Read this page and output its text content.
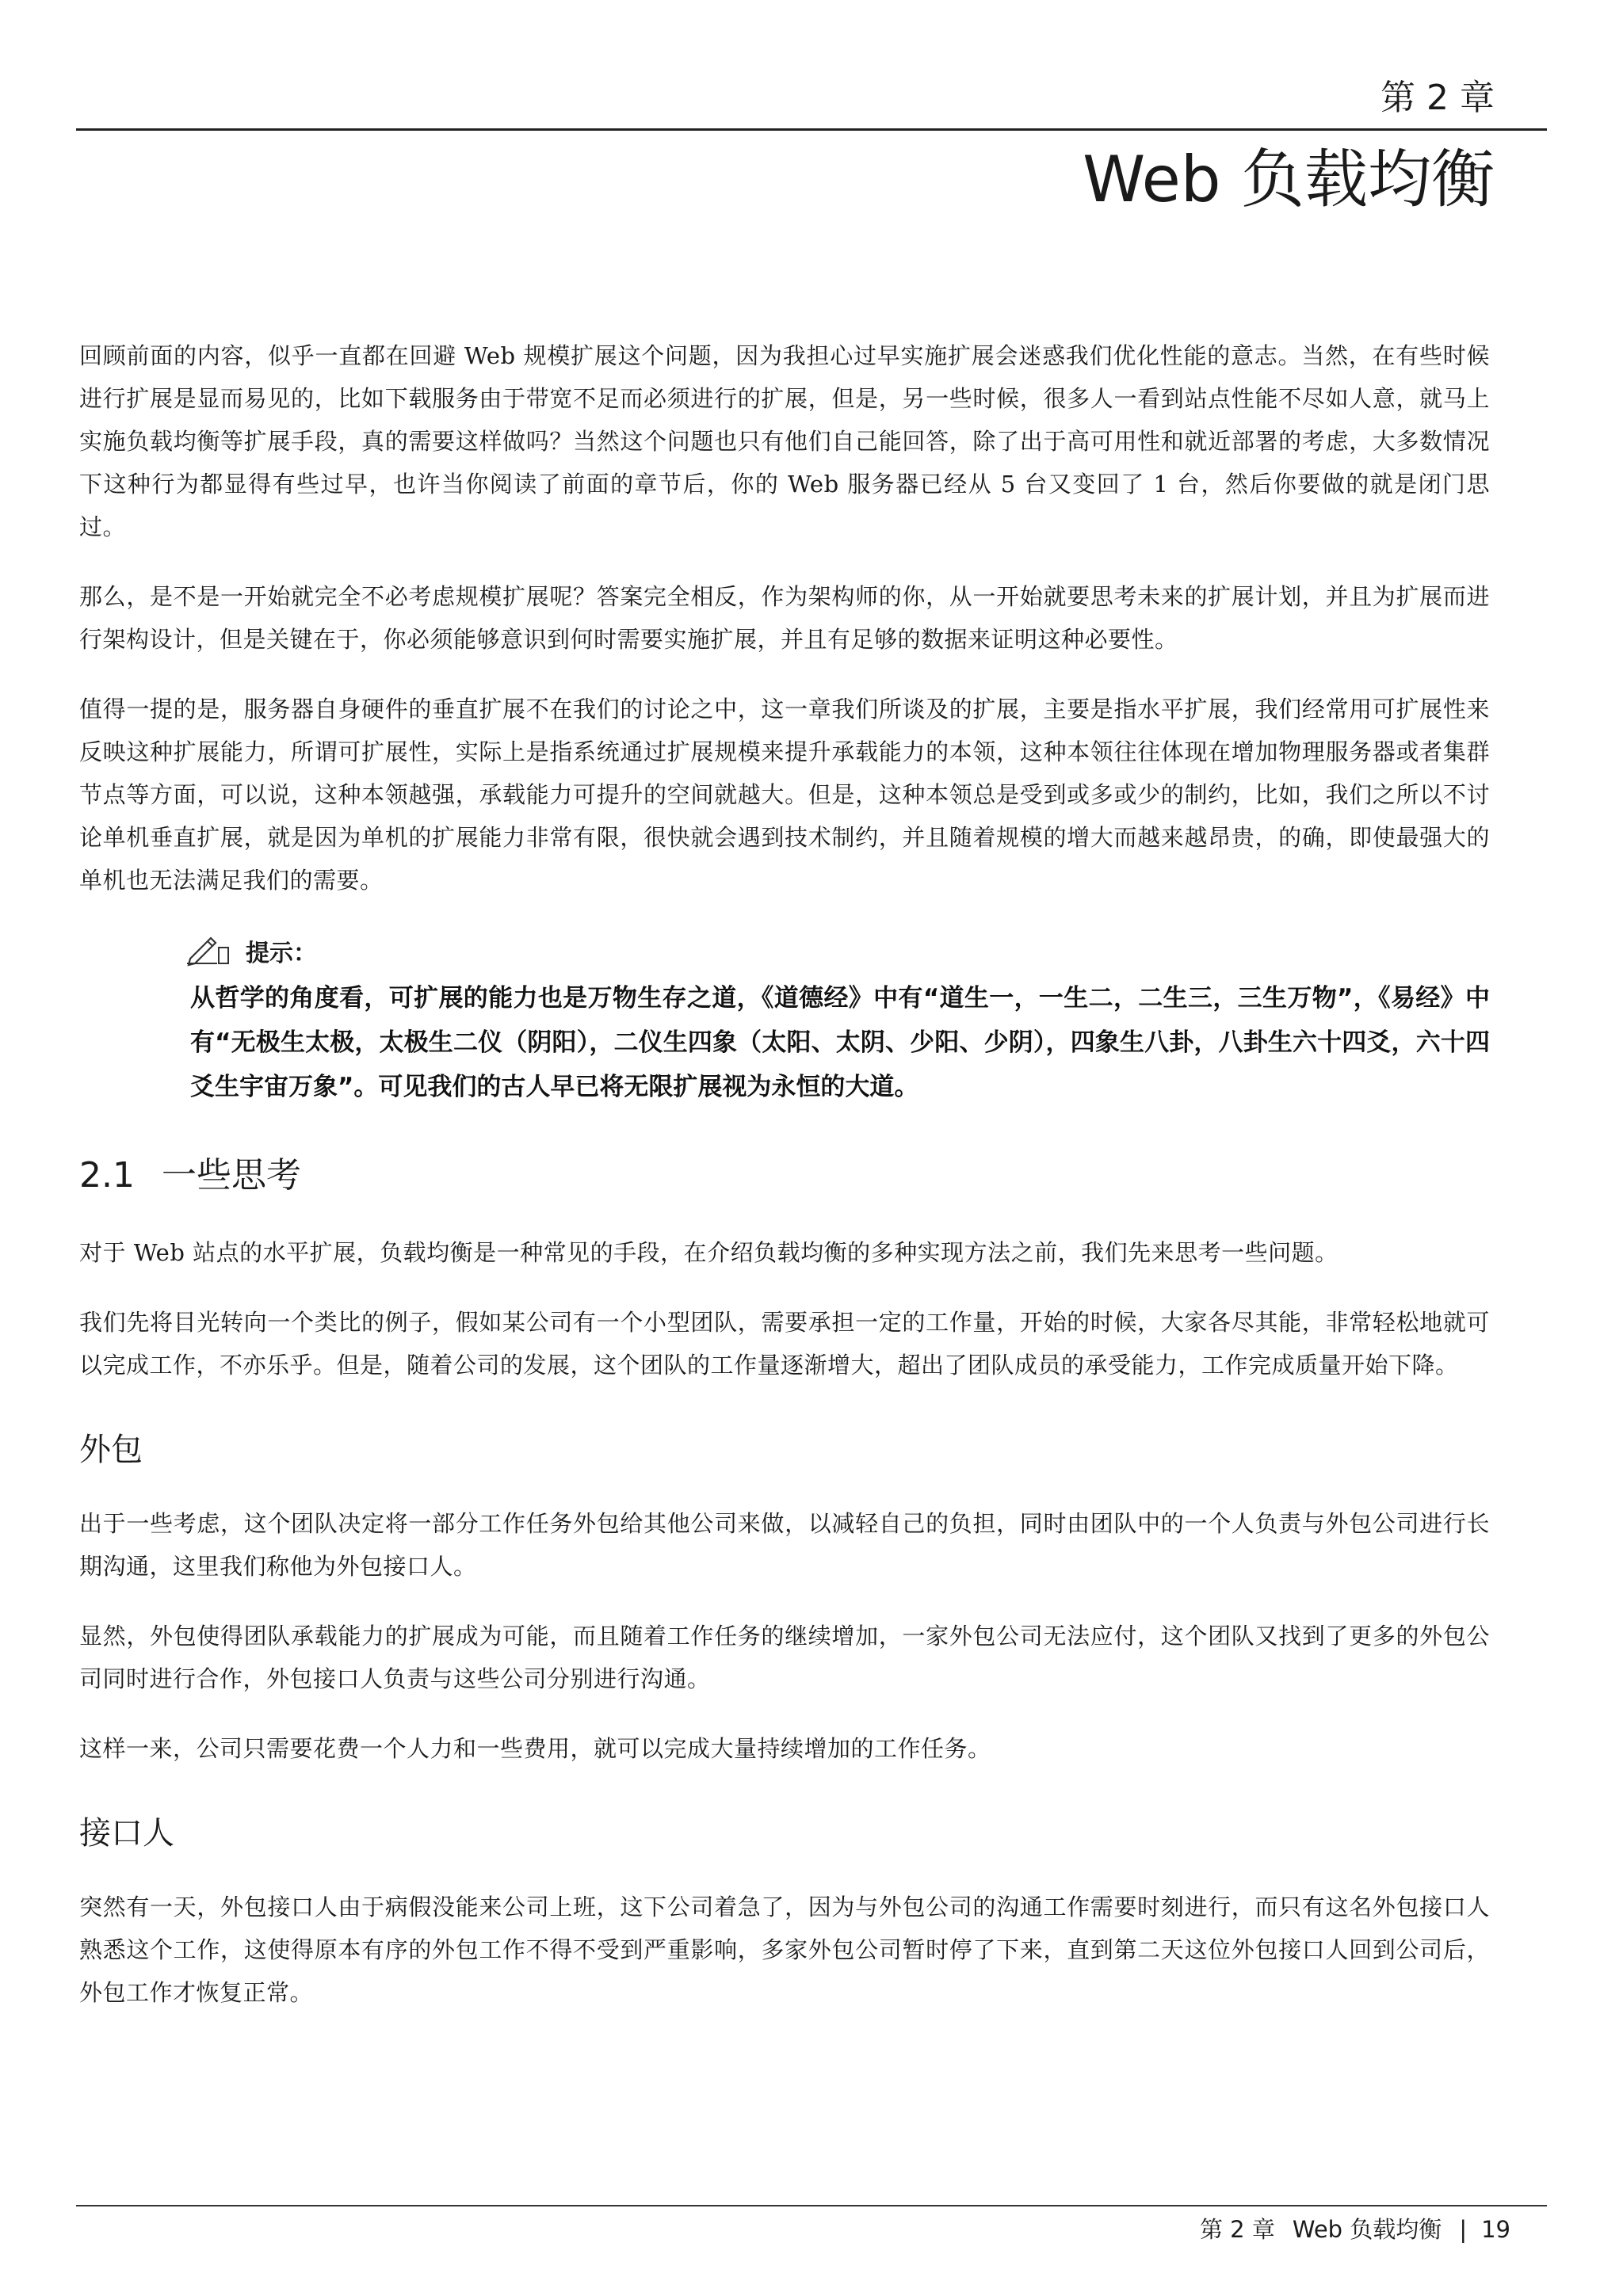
第 2 章
Web 负载均衡

回顾前面的内容，似乎一直都在回避 Web 规模扩展这个问题，因为我担心过早实施扩展会迷惑我们优化性能的意志。当然，在有些时候进行扩展是显而易见的，比如下载服务由于带宽不足而必须进行的扩展，但是，另一些时候，很多人一看到站点性能不尽如人意，就马上实施负载均衡等扩展手段，真的需要这样做吗？当然这个问题也只有他们自己能回答，除了出于高可用性和就近部署的考虑，大多数情况下这种行为都显得有些过早，也许当你阅读了前面的章节后，你的 Web 服务器已经从 5 台又变回了 1 台，然后你要做的就是闭门思过。

那么，是不是一开始就完全不必考虑规模扩展呢？答案完全相反，作为架构师的你，从一开始就要思考未来的扩展计划，并且为扩展而进行架构设计，但是关键在于，你必须能够意识到何时需要实施扩展，并且有足够的数据来证明这种必要性。

值得一提的是，服务器自身硬件的垂直扩展不在我们的讨论之中，这一章我们所谈及的扩展，主要是指水平扩展，我们经常用可扩展性来反映这种扩展能力，所谓可扩展性，实际上是指系统通过扩展规模来提升承载能力的本领，这种本领往往体现在增加物理服务器或者集群节点等方面，可以说，这种本领越强，承载能力可提升的空间就越大。但是，这种本领总是受到或多或少的制约，比如，我们之所以不讨论单机垂直扩展，就是因为单机的扩展能力非常有限，很快就会遇到技术制约，并且随着规模的增大而越来越昂贵，的确，即使最强大的单机也无法满足我们的需要。

提示：

从哲学的角度看，可扩展的能力也是万物生存之道，《道德经》中有“道生一，一生二，二生三，三生万物”，《易经》中有“无极生太极，太极生二仪（阴阳），二仪生四象（太阳、太阴、少阳、少阴），四象生八卦，八卦生六十四爻，六十四爻生宇宙万象”。可见我们的古人早已将无限扩展视为永恒的大道。

2.1 一些思考

对于 Web 站点的水平扩展，负载均衡是一种常见的手段，在介绍负载均衡的多种实现方法之前，我们先来思考一些问题。

我们先将目光转向一个类比的例子，假如某公司有一个小型团队，需要承担一定的工作量，开始的时候，大家各尽其能，非常轻松地就可以完成工作，不亦乐乎。但是，随着公司的发展，这个团队的工作量逐渐增大，超出了团队成员的承受能力，工作完成质量开始下降。

外包

出于一些考虑，这个团队决定将一部分工作任务外包给其他公司来做，以减轻自己的负担，同时由团队中的一个人负责与外包公司进行长期沟通，这里我们称他为外包接口人。

显然，外包使得团队承载能力的扩展成为可能，而且随着工作任务的继续增加，一家外包公司无法应付，这个团队又找到了更多的外包公司同时进行合作，外包接口人负责与这些公司分别进行沟通。

这样一来，公司只需要花费一个人力和一些费用，就可以完成大量持续增加的工作任务。

接口人

突然有一天，外包接口人由于病假没能来公司上班，这下公司着急了，因为与外包公司的沟通工作需要时刻进行，而只有这名外包接口人熟悉这个工作，这使得原本有序的外包工作不得不受到严重影响，多家外包公司暂时停了下来，直到第二天这位外包接口人回到公司后，外包工作才恢复正常。

第 2 章 Web 负载均衡 | 19
